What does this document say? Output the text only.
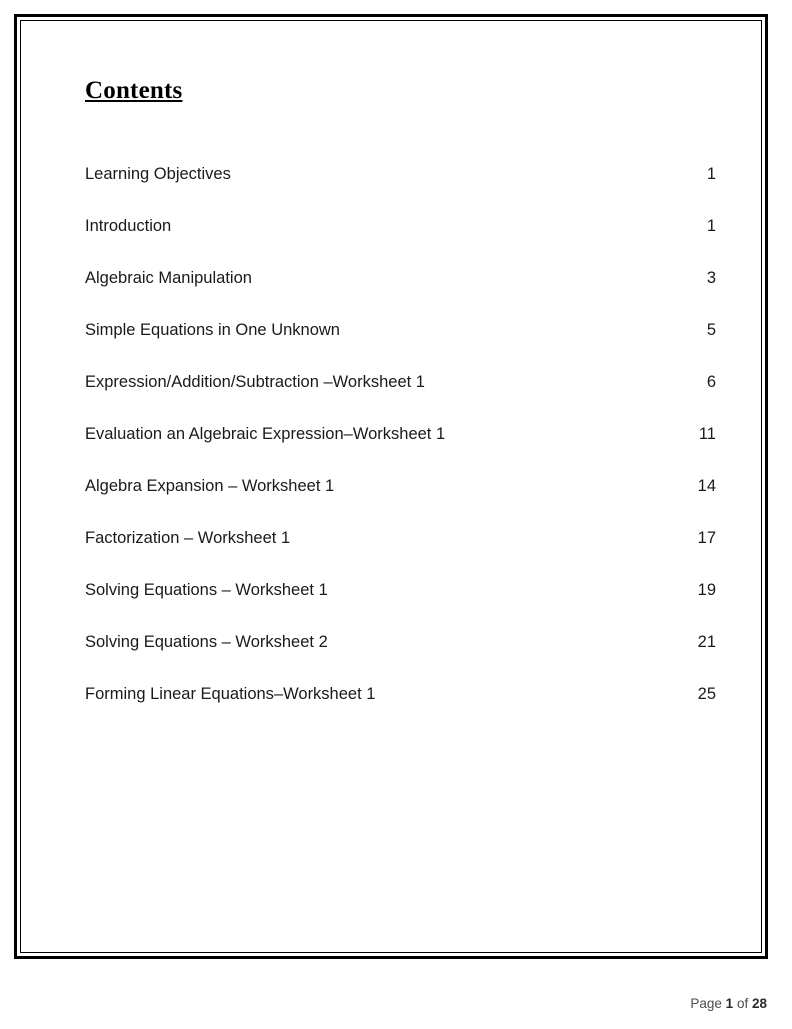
Contents
Learning Objectives	1
Introduction	1
Algebraic Manipulation	3
Simple Equations in One Unknown	5
Expression/Addition/Subtraction –Worksheet 1	6
Evaluation an Algebraic Expression–Worksheet 1	11
Algebra Expansion – Worksheet 1	14
Factorization – Worksheet 1	17
Solving Equations – Worksheet 1	19
Solving Equations – Worksheet 2	21
Forming Linear Equations–Worksheet 1	25
Page 1 of 28
